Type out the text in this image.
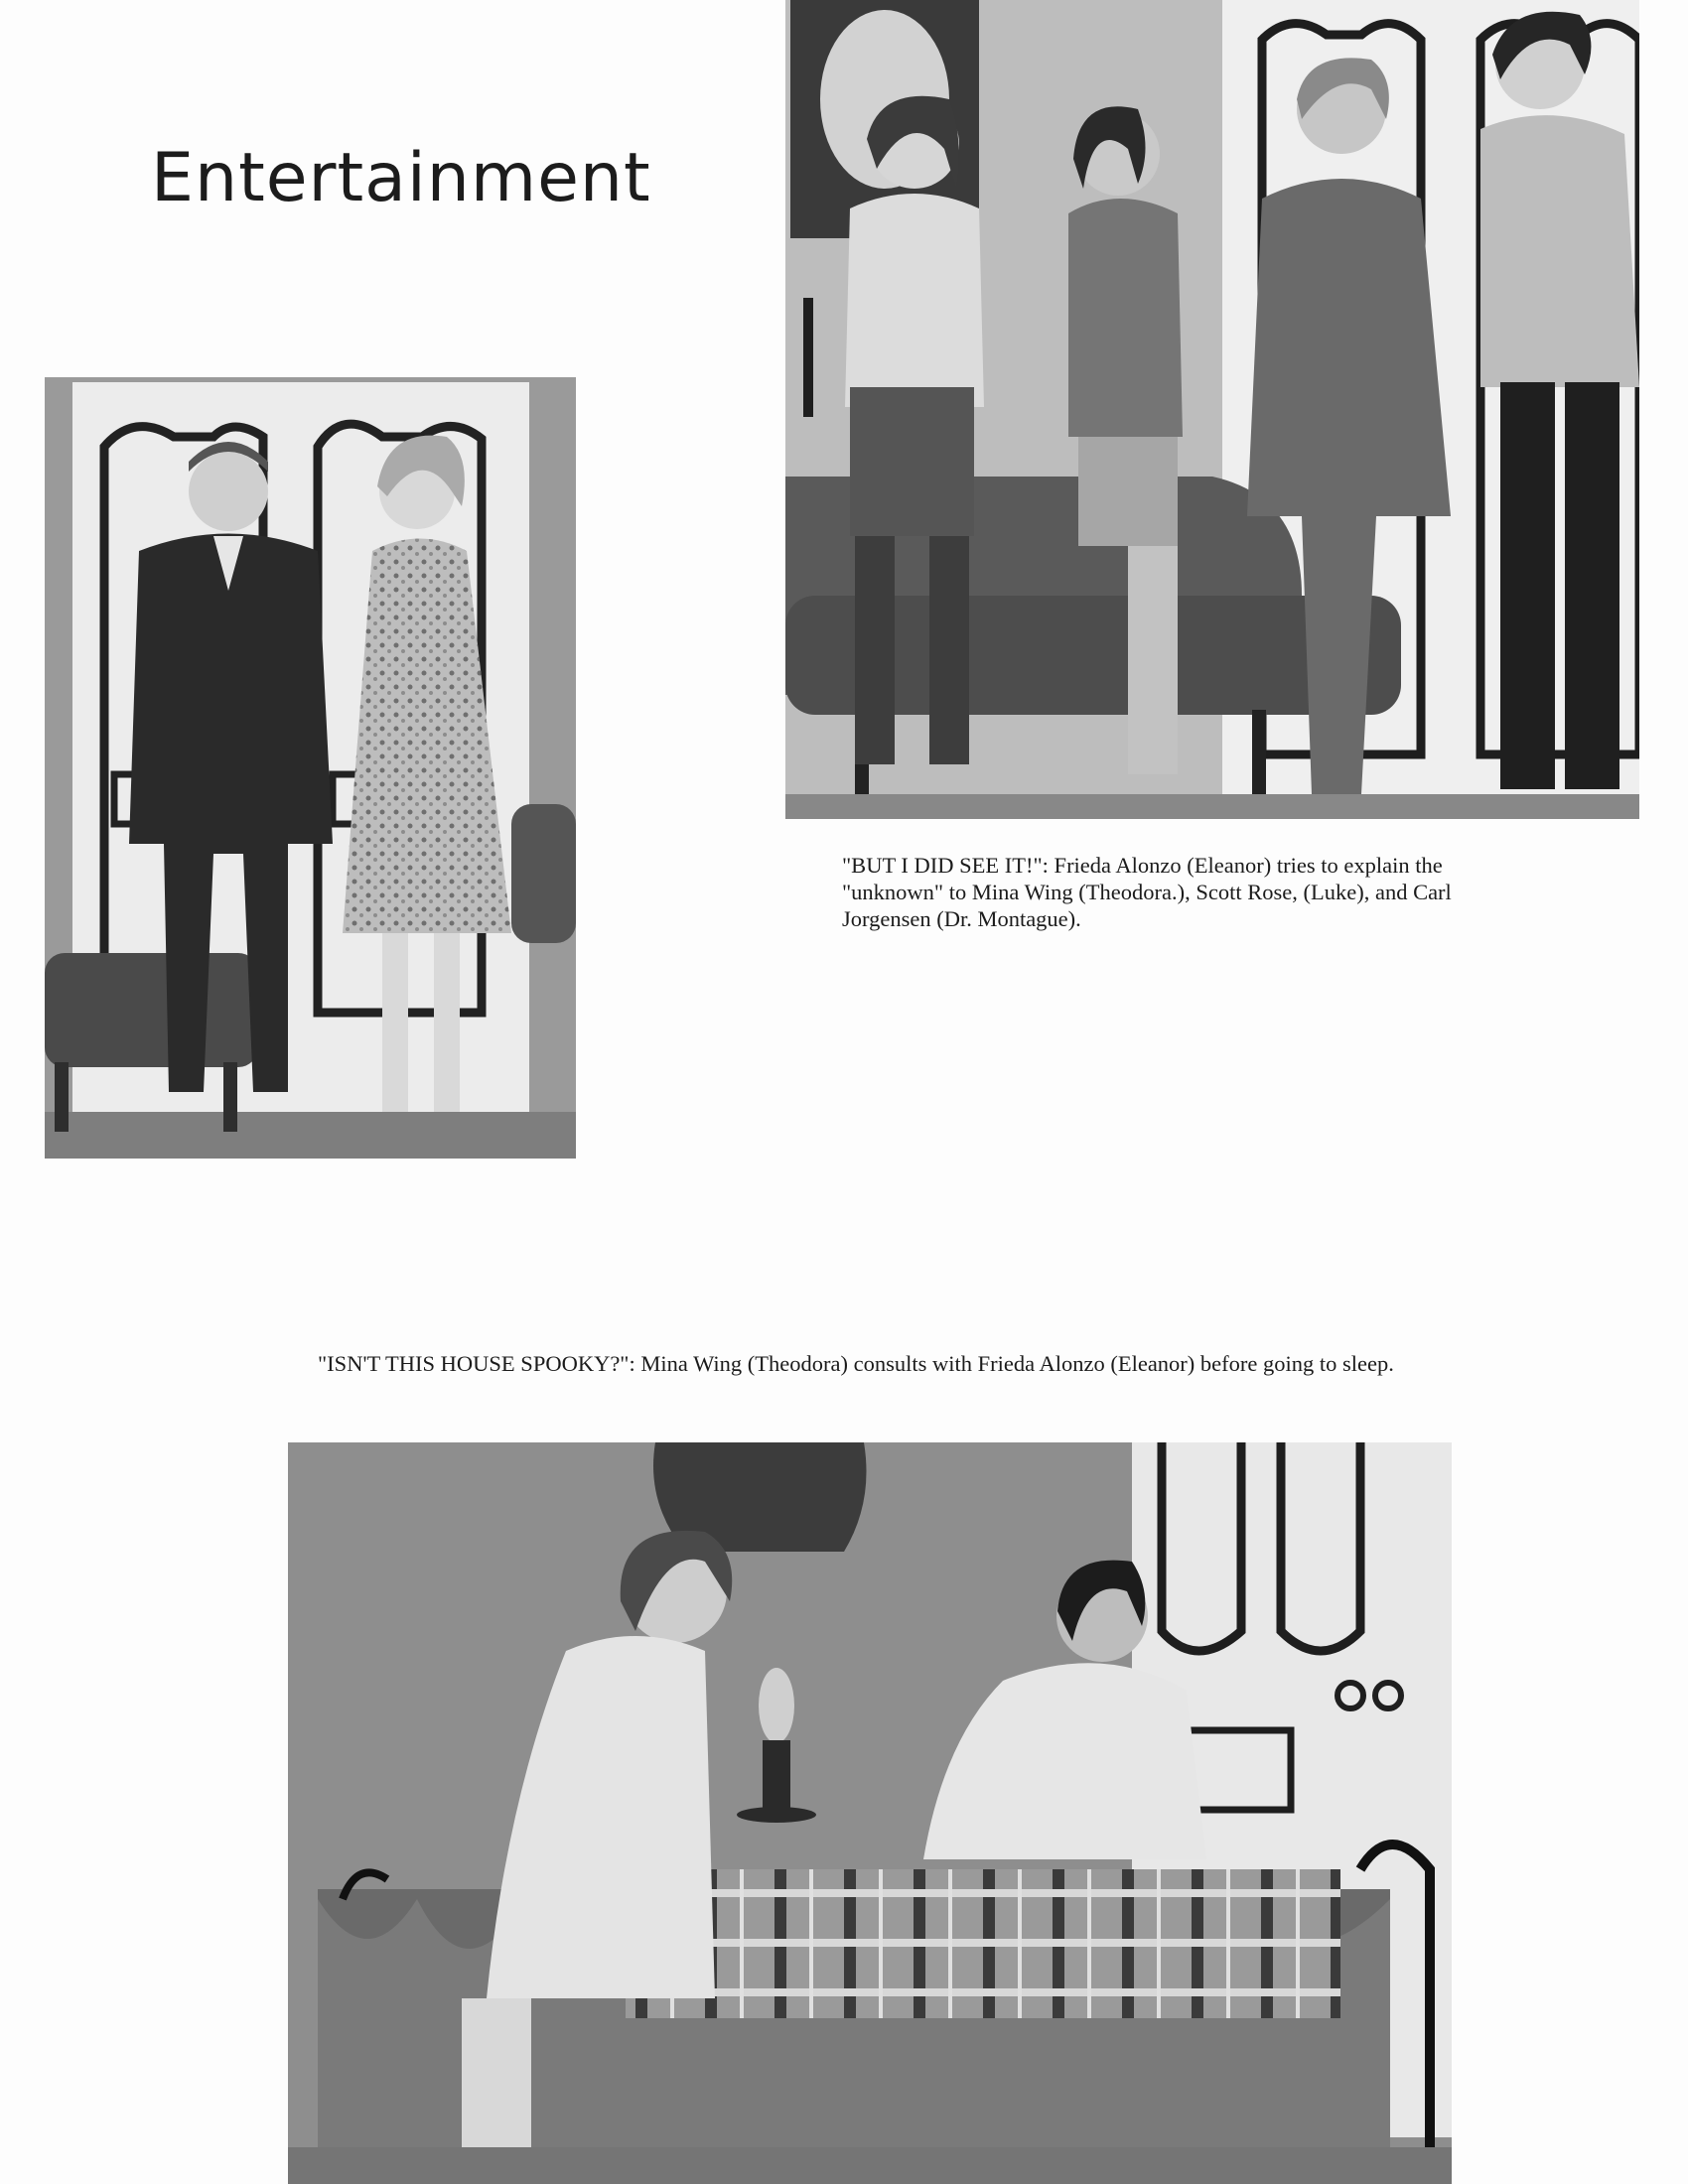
Entertainment

"BUT I DID SEE IT!": Frieda Alonzo (Eleanor) tries to explain the "unknown" to Mina Wing (Theodora.), Scott Rose, (Luke), and Carl Jorgensen (Dr. Montague).

"ISN'T THIS HOUSE SPOOKY?": Mina Wing (Theodora) consults with Frieda Alonzo (Eleanor) before going to sleep.
